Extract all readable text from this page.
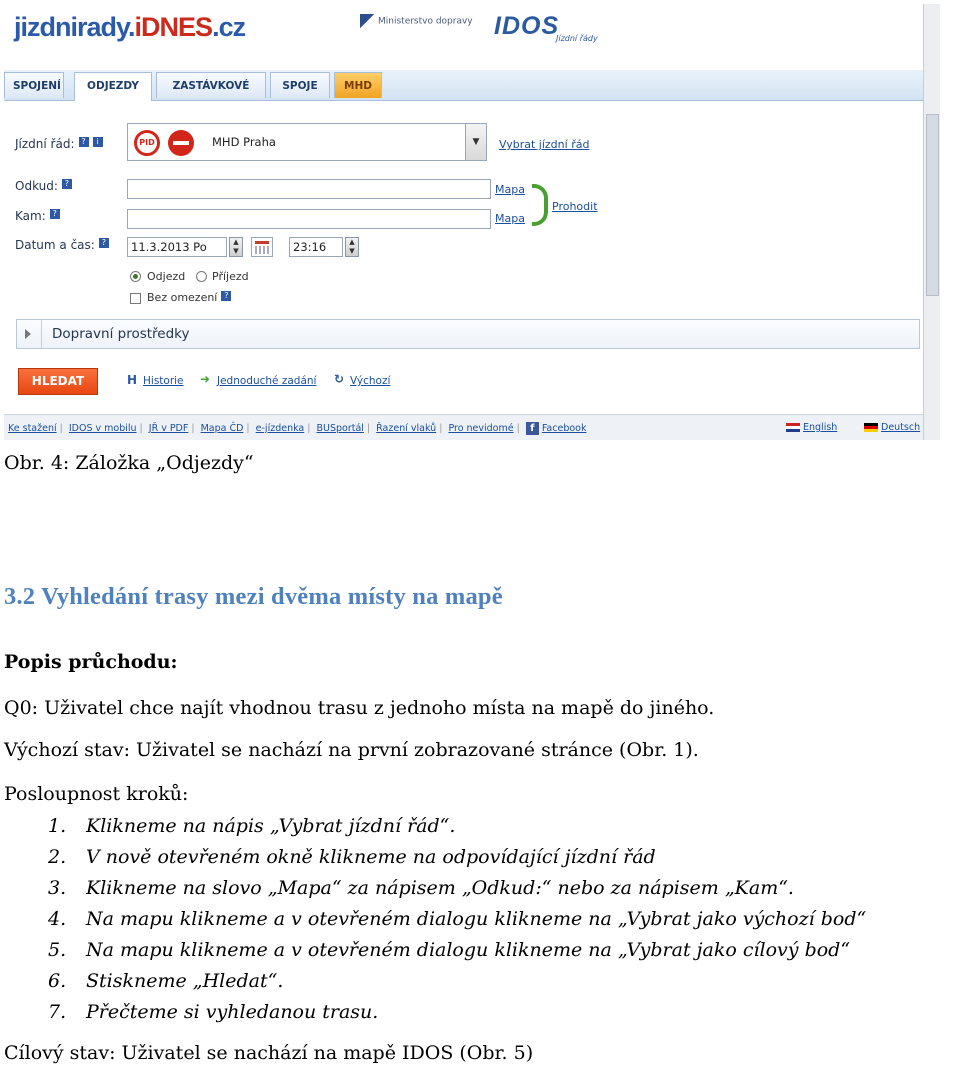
jizdnirady.iDNES.cz	Ministerstvo dopravy IDOS
Jízdní řády
SPOJENÍ	ODJEZDY	ZASTÁVKOVÉ	SPOJE	MHD

Jízdní řád: ? i	PID	MHD Praha	▼	Vybrat jízdní řád
Odkud: ?	Mapa
Kam: ?	Mapa
Prohodit
Datum a čas: ?	11.3.2013 Po	▲
▼	23:16	▲
▼
Odjezd Příjezd
Bez omezení ?
Dopravní prostředky
HLEDAT	H Historie ➜ Jednoduché zadání ↻ Výchozí
Ke stažení | IDOS v mobilu | JŘ v PDF | Mapa ČD | e-jízdenka | BUSportál | Řazení vlaků | Pro nevidomé | f Facebook	English	Deutsch
Obr. 4: Záložka „Odjezdy“
3.2 Vyhledání trasy mezi dvěma místy na mapě
Popis průchodu:
Q0: Uživatel chce najít vhodnou trasu z jednoho místa na mapě do jiného.
Výchozí stav: Uživatel se nachází na první zobrazované stránce (Obr. 1).
Posloupnost kroků:
1. Klikneme na nápis „Vybrat jízdní řád“.
2. V nově otevřeném okně klikneme na odpovídající jízdní řád
3. Klikneme na slovo „Mapa“ za nápisem „Odkud:“ nebo za nápisem „Kam“.
4. Na mapu klikneme a v otevřeném dialogu klikneme na „Vybrat jako výchozí bod“
5. Na mapu klikneme a v otevřeném dialogu klikneme na „Vybrat jako cílový bod“
6. Stiskneme „Hledat“.
7. Přečteme si vyhledanou trasu.
Cílový stav: Uživatel se nachází na mapě IDOS (Obr. 5)
